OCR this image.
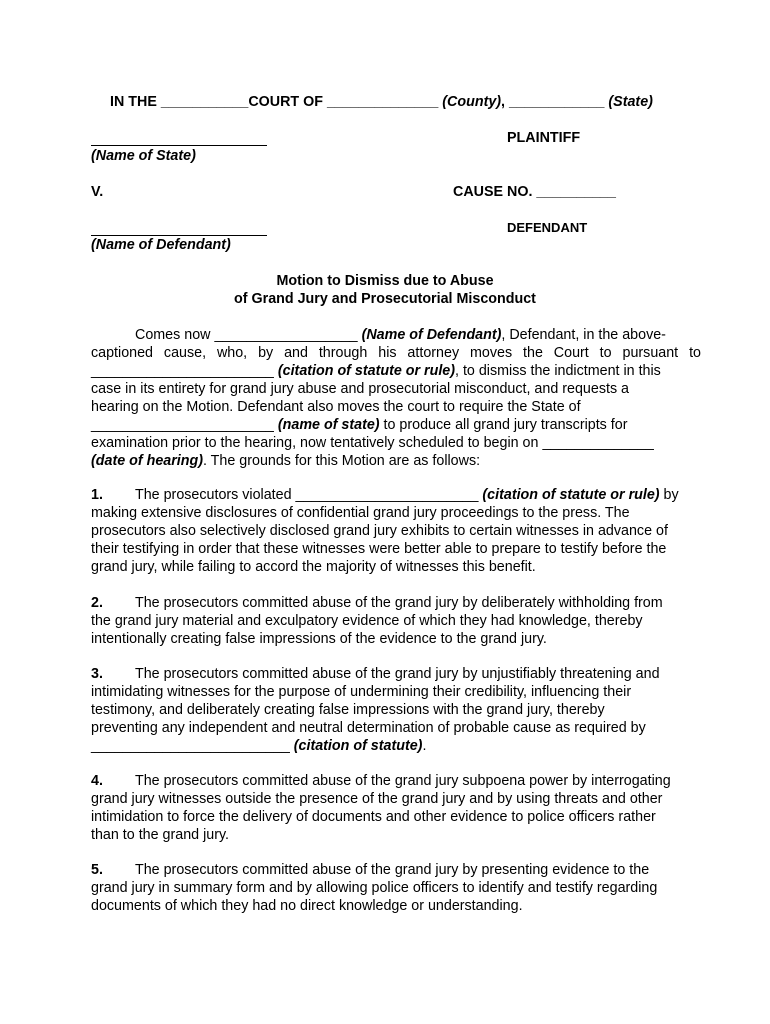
IN THE ___________COURT OF ______________ (County), ____________ (State)
PLAINTIFF
(Name of State)
V.	CAUSE NO. __________
DEFENDANT
(Name of Defendant)
Motion to Dismiss due to Abuse
of Grand Jury and Prosecutorial Misconduct
Comes now __________________ (Name of Defendant), Defendant, in the above-
captioned cause, who, by and through his attorney moves the Court to pursuant to
_______________________ (citation of statute or rule), to dismiss the indictment in this
case in its entirety for grand jury abuse and prosecutorial misconduct, and requests a
hearing on the Motion. Defendant also moves the court to require the State of
_______________________ (name of state) to produce all grand jury transcripts for
examination prior to the hearing, now tentatively scheduled to begin on ______________
(date of hearing). The grounds for this Motion are as follows:
1. The prosecutors violated _______________________ (citation of statute or rule) by
making extensive disclosures of confidential grand jury proceedings to the press. The
prosecutors also selectively disclosed grand jury exhibits to certain witnesses in advance of
their testifying in order that these witnesses were better able to prepare to testify before the
grand jury, while failing to accord the majority of witnesses this benefit.
2. The prosecutors committed abuse of the grand jury by deliberately withholding from
the grand jury material and exculpatory evidence of which they had knowledge, thereby
intentionally creating false impressions of the evidence to the grand jury.
3. The prosecutors committed abuse of the grand jury by unjustifiably threatening and
intimidating witnesses for the purpose of undermining their credibility, influencing their
testimony, and deliberately creating false impressions with the grand jury, thereby
preventing any independent and neutral determination of probable cause as required by
_________________________ (citation of statute).
4. The prosecutors committed abuse of the grand jury subpoena power by interrogating
grand jury witnesses outside the presence of the grand jury and by using threats and other
intimidation to force the delivery of documents and other evidence to police officers rather
than to the grand jury.
5. The prosecutors committed abuse of the grand jury by presenting evidence to the
grand jury in summary form and by allowing police officers to identify and testify regarding
documents of which they had no direct knowledge or understanding.
